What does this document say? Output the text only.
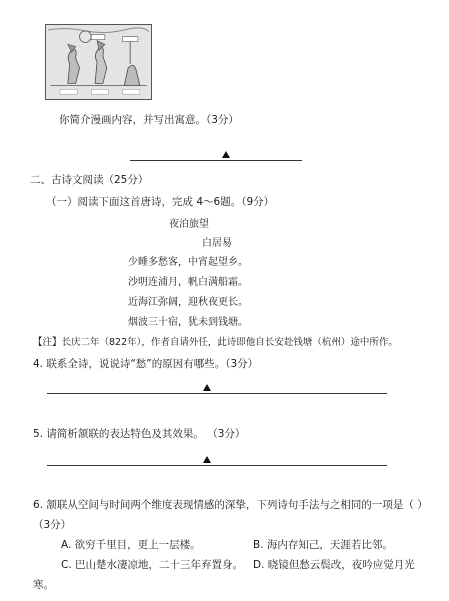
你简介漫画内容，并写出寓意。（3分）
二、古诗文阅读（25分）
（一）阅读下面这首唐诗，完成 4～6题。（9分）
夜泊旅望
白居易
少睡多愁客，中宵起望乡。
沙明连浦月，帆白满船霜。
近海江弥阔，迎秋夜更长。
烟波三十宿，犹未到钱塘。
【注】长庆二年（822年），作者自请外任，此诗即他自长安赴钱塘（杭州）途中所作。
4. 联系全诗，说说诗“愁”的原因有哪些。（3分）
5. 请简析颔联的表达特色及其效果。 （3分）
6. 颔联从空间与时间两个维度表现情感的深挚，下列诗句手法与之相同的一项是（ ）
（3分）
A. 欲穷千里目，更上一层楼。	B. 海内存知己，天涯若比邻。
C. 巴山楚水凄凉地，二十三年弃置身。 D. 晓镜但愁云鬓改，夜吟应觉月光
寒。
